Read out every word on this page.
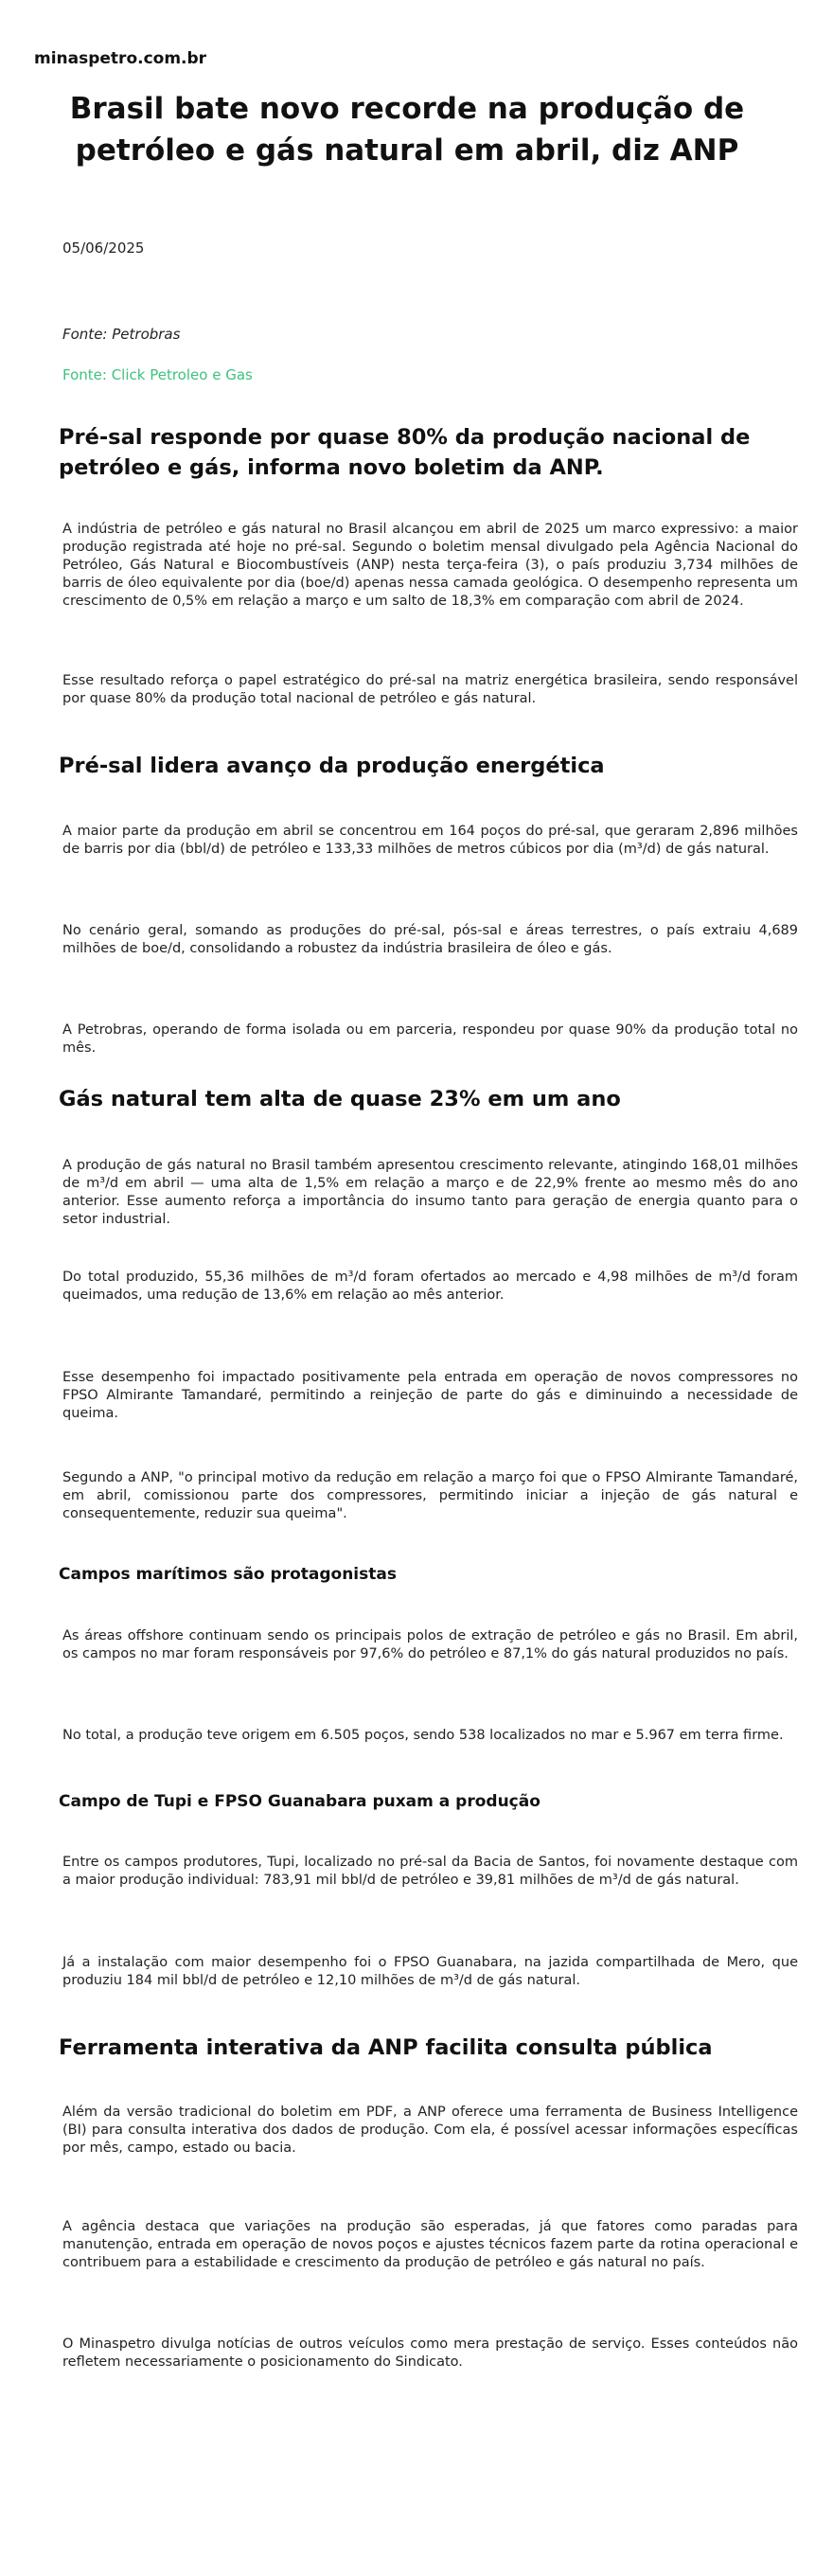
minaspetro.com.br
Brasil bate novo recorde na produção de petróleo e gás natural em abril, diz ANP
05/06/2025
Fonte: Petrobras
Fonte: Click Petroleo e Gas
Pré-sal responde por quase 80% da produção nacional de petróleo e gás, informa novo boletim da ANP.

A indústria de petróleo e gás natural no Brasil alcançou em abril de 2025 um marco expressivo: a maior produção registrada até hoje no pré-sal. Segundo o boletim mensal divulgado pela Agência Nacional do Petróleo, Gás Natural e Biocombustíveis (ANP) nesta terça-feira (3), o país produziu 3,734 milhões de barris de óleo equivalente por dia (boe/d) apenas nessa camada geológica. O desempenho representa um crescimento de 0,5% em relação a março e um salto de 18,3% em comparação com abril de 2024.

Esse resultado reforça o papel estratégico do pré-sal na matriz energética brasileira, sendo responsável por quase 80% da produção total nacional de petróleo e gás natural.

Pré-sal lidera avanço da produção energética

A maior parte da produção em abril se concentrou em 164 poços do pré-sal, que geraram 2,896 milhões de barris por dia (bbl/d) de petróleo e 133,33 milhões de metros cúbicos por dia (m³/d) de gás natural.

No cenário geral, somando as produções do pré-sal, pós-sal e áreas terrestres, o país extraiu 4,689 milhões de boe/d, consolidando a robustez da indústria brasileira de óleo e gás.

A Petrobras, operando de forma isolada ou em parceria, respondeu por quase 90% da produção total no mês.

Gás natural tem alta de quase 23% em um ano

A produção de gás natural no Brasil também apresentou crescimento relevante, atingindo 168,01 milhões de m³/d em abril — uma alta de 1,5% em relação a março e de 22,9% frente ao mesmo mês do ano anterior. Esse aumento reforça a importância do insumo tanto para geração de energia quanto para o setor industrial.

Do total produzido, 55,36 milhões de m³/d foram ofertados ao mercado e 4,98 milhões de m³/d foram queimados, uma redução de 13,6% em relação ao mês anterior.

Esse desempenho foi impactado positivamente pela entrada em operação de novos compressores no FPSO Almirante Tamandaré, permitindo a reinjeção de parte do gás e diminuindo a necessidade de queima.

Segundo a ANP, "o principal motivo da redução em relação a março foi que o FPSO Almirante Tamandaré, em abril, comissionou parte dos compressores, permitindo iniciar a injeção de gás natural e consequentemente, reduzir sua queima".

Campos marítimos são protagonistas

As áreas offshore continuam sendo os principais polos de extração de petróleo e gás no Brasil. Em abril, os campos no mar foram responsáveis por 97,6% do petróleo e 87,1% do gás natural produzidos no país.

No total, a produção teve origem em 6.505 poços, sendo 538 localizados no mar e 5.967 em terra firme.

Campo de Tupi e FPSO Guanabara puxam a produção

Entre os campos produtores, Tupi, localizado no pré-sal da Bacia de Santos, foi novamente destaque com a maior produção individual: 783,91 mil bbl/d de petróleo e 39,81 milhões de m³/d de gás natural.

Já a instalação com maior desempenho foi o FPSO Guanabara, na jazida compartilhada de Mero, que produziu 184 mil bbl/d de petróleo e 12,10 milhões de m³/d de gás natural.

Ferramenta interativa da ANP facilita consulta pública

Além da versão tradicional do boletim em PDF, a ANP oferece uma ferramenta de Business Intelligence (BI) para consulta interativa dos dados de produção. Com ela, é possível acessar informações específicas por mês, campo, estado ou bacia.

A agência destaca que variações na produção são esperadas, já que fatores como paradas para manutenção, entrada em operação de novos poços e ajustes técnicos fazem parte da rotina operacional e contribuem para a estabilidade e crescimento da produção de petróleo e gás natural no país.

O Minaspetro divulga notícias de outros veículos como mera prestação de serviço. Esses conteúdos não refletem necessariamente o posicionamento do Sindicato.
